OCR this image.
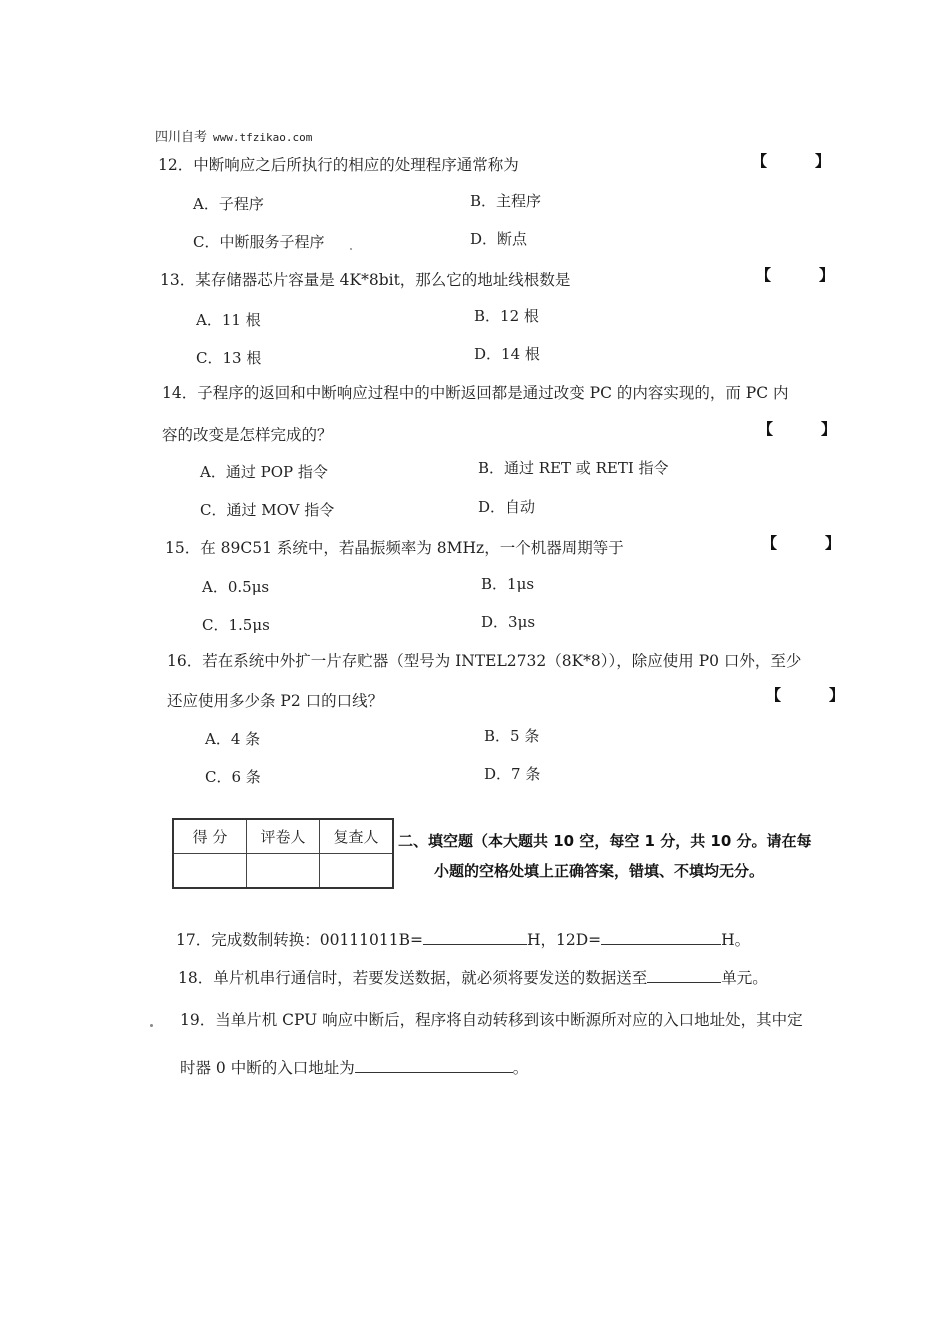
四川自考 www.tfzikao.com
12．中断响应之后所执行的相应的处理程序通常称为	【	】
A．子程序	B．主程序
C．中断服务子程序	D．断点
13．某存储器芯片容量是 4K*8bit，那么它的地址线根数是	【	】
A．11 根	B．12 根
C．13 根	D．14 根
14．子程序的返回和中断响应过程中的中断返回都是通过改变 PC 的内容实现的，而 PC 内
容的改变是怎样完成的？	【	】
A．通过 POP 指令	B．通过 RET 或 RETI 指令
C．通过 MOV 指令	D．自动
15．在 89C51 系统中，若晶振频率为 8MHz，一个机器周期等于	【	】
A．0.5μs	B．1μs
C．1.5μs	D．3μs
16．若在系统中外扩一片存贮器（型号为 INTEL2732（8K*8）），除应使用 P0 口外，至少
还应使用多少条 P2 口的口线？	【	】
A．4 条	B．5 条
C．6 条	D．7 条
得 分	评卷人	复查人
		二、填空题（本大题共 10 空，每空 1 分，共 10 分。请在每
小题的空格处填上正确答案，错填、不填均无分。
17．完成数制转换：00111011B=	H，12D=	H。
18．单片机串行通信时，若要发送数据，就必须将要发送的数据送至	单元。
19．当单片机 CPU 响应中断后，程序将自动转移到该中断源所对应的入口地址处，其中定
时器 0 中断的入口地址为	。
